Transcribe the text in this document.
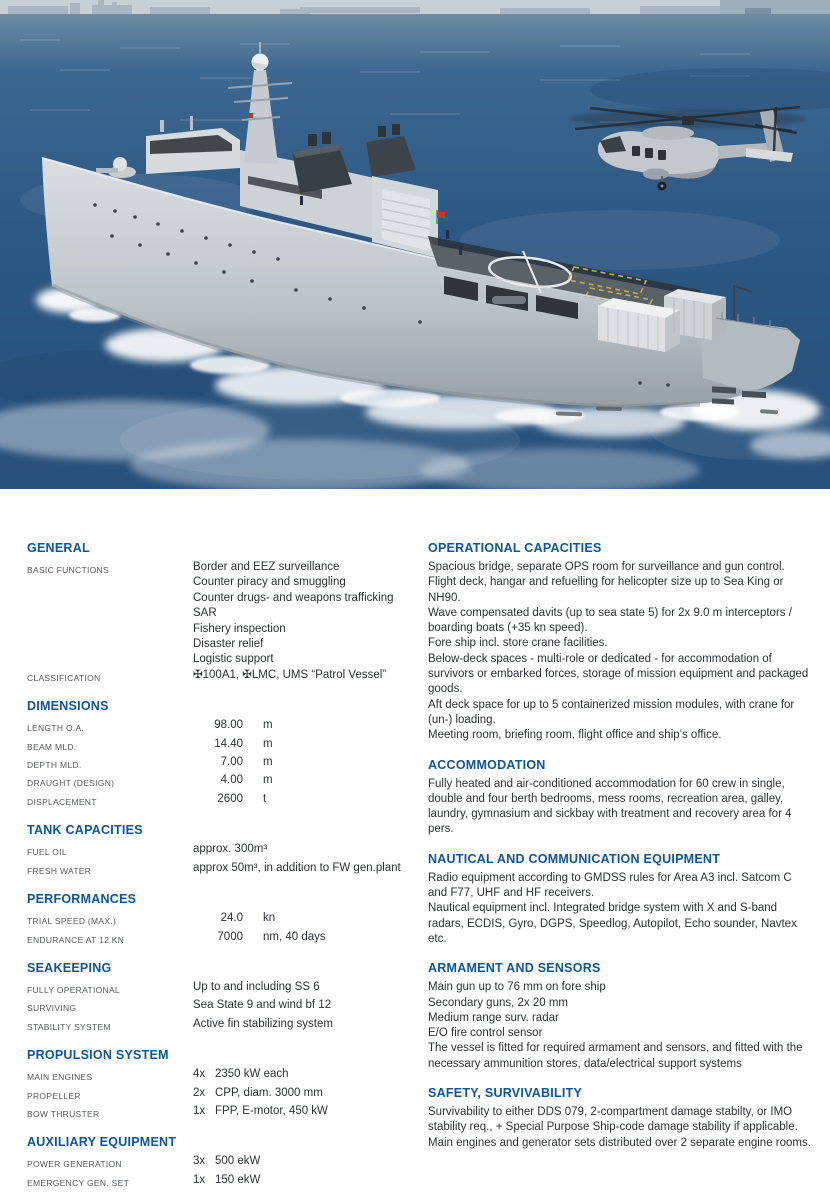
GENERAL
BASIC FUNCTIONS	Border and EEZ surveillance
Counter piracy and smuggling
Counter drugs- and weapons trafficking
SAR
Fishery inspection
Disaster relief
Logistic support
CLASSIFICATION	✠100A1, ✠LMC, UMS “Patrol Vessel”
DIMENSIONS
LENGTH O.A.	98.00	m
BEAM MLD.	14.40	m
DEPTH MLD.	7.00	m
DRAUGHT (DESIGN)	4.00	m
DISPLACEMENT	2600	t
TANK CAPACITIES
FUEL OIL	approx. 300m³
FRESH WATER	approx 50m³, in addition to FW gen.plant
PERFORMANCES
TRIAL SPEED (MAX.)	24.0	kn
ENDURANCE AT 12 KN	7000	nm, 40 days
SEAKEEPING
FULLY OPERATIONAL	Up to and including SS 6
SURVIVING	Sea State 9 and wind bf 12
STABILITY SYSTEM	Active fin stabilizing system
PROPULSION SYSTEM
MAIN ENGINES	4x 2350 kW each
PROPELLER	2x CPP, diam. 3000 mm
BOW THRUSTER	1x FPP, E-motor, 450 kW
AUXILIARY EQUIPMENT
POWER GENERATION	3x 500 ekW
EMERGENCY GEN. SET	1x 150 ekW
OPERATIONAL CAPACITIES

Spacious bridge, separate OPS room for surveillance and gun control.

Flight deck, hangar and refuelling for helicopter size up to Sea King or NH90.

Wave compensated davits (up to sea state 5) for 2x 9.0 m interceptors / boarding boats (+35 kn speed).

Fore ship incl. store crane facilities.

Below-deck spaces - multi-role or dedicated - for accommodation of survivors or embarked forces, storage of mission equipment and packaged goods.

Aft deck space for up to 5 containerized mission modules, with crane for (un-) loading.

Meeting room, briefing room, flight office and ship’s office.

ACCOMMODATION

Fully heated and air-conditioned accommodation for 60 crew in single, double and four berth bedrooms, mess rooms, recreation area, galley, laundry, gymnasium and sickbay with treatment and recovery area for 4 pers.

NAUTICAL AND COMMUNICATION EQUIPMENT

Radio equipment according to GMDSS rules for Area A3 incl. Satcom C and F77, UHF and HF receivers.

Nautical equipment incl. Integrated bridge system with X and S-band radars, ECDIS, Gyro, DGPS, Speedlog, Autopilot, Echo sounder, Navtex etc.

ARMAMENT AND SENSORS

Main gun up to 76 mm on fore ship

Secondary guns, 2x 20 mm

Medium range surv. radar

E/O fire control sensor

The vessel is fitted for required armament and sensors, and fitted with the necessary ammunition stores, data/electrical support systems

SAFETY, SURVIVABILITY

Survivability to either DDS 079, 2-compartment damage stabilty, or IMO stability req., + Special Purpose Ship-code damage stability if applicable.

Main engines and generator sets distributed over 2 separate engine rooms.
